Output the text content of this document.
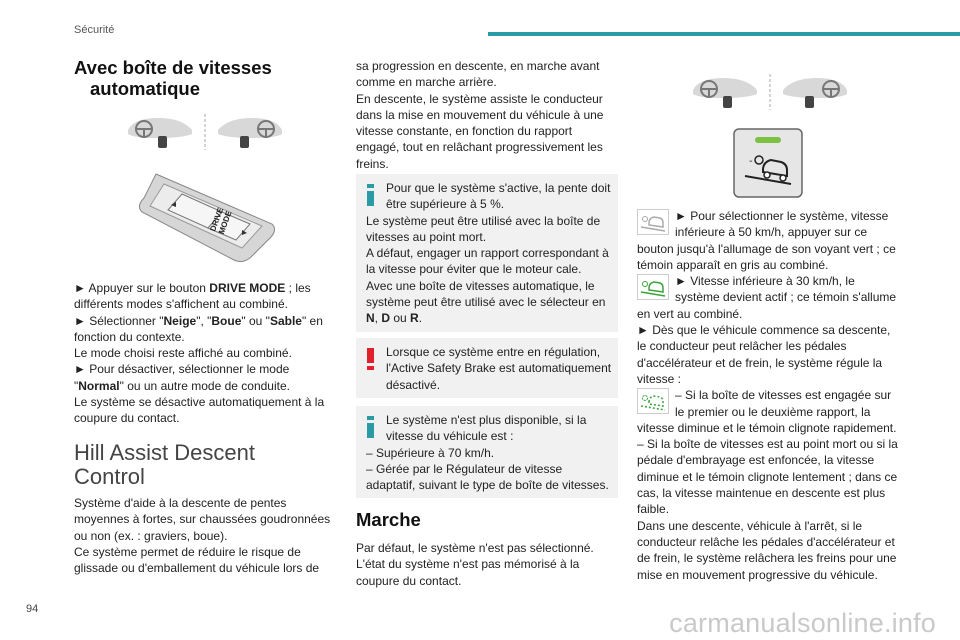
Sécurité
94	carmanualsonline.info
Avec boîte de vitesses
automatique
DRIVE MODE
► Appuyer sur le bouton DRIVE MODE ; les différents modes s'affichent au combiné.
► Sélectionner "Neige", "Boue" ou "Sable" en fonction du contexte.
Le mode choisi reste affiché au combiné.
► Pour désactiver, sélectionner le mode "Normal" ou un autre mode de conduite.
Le système se désactive automatiquement à la coupure du contact.
Hill Assist Descent
Control
Système d'aide à la descente de pentes moyennes à fortes, sur chaussées goudronnées ou non (ex. : graviers, boue).
Ce système permet de réduire le risque de glissade ou d'emballement du véhicule lors de
sa progression en descente, en marche avant comme en marche arrière.
En descente, le système assiste le conducteur dans la mise en mouvement du véhicule à une vitesse constante, en fonction du rapport engagé, tout en relâchant progressivement les freins.
Pour que le système s'active, la pente doit être supérieure à 5 %.
Le système peut être utilisé avec la boîte de vitesses au point mort.
A défaut, engager un rapport correspondant à la vitesse pour éviter que le moteur cale.
Avec une boîte de vitesses automatique, le système peut être utilisé avec le sélecteur en N, D ou R.
Lorsque ce système entre en régulation, l'Active Safety Brake est automatiquement désactivé.
Le système n'est plus disponible, si la vitesse du véhicule est :
– Supérieure à 70 km/h.
– Gérée par le Régulateur de vitesse adaptatif, suivant le type de boîte de vitesses.
Marche
Par défaut, le système n'est pas sélectionné.
L'état du système n'est pas mémorisé à la coupure du contact.
-
► Pour sélectionner le système, vitesse inférieure à 50 km/h, appuyer sur ce bouton jusqu'à l'allumage de son voyant vert ; ce témoin apparaît en gris au combiné.
► Vitesse inférieure à 30 km/h, le système devient actif ; ce témoin s'allume en vert au combiné.
► Dès que le véhicule commence sa descente, le conducteur peut relâcher les pédales d'accélérateur et de frein, le système régule la vitesse :
– Si la boîte de vitesses est engagée sur le premier ou le deuxième rapport, la vitesse diminue et le témoin clignote rapidement.
– Si la boîte de vitesses est au point mort ou si la pédale d'embrayage est enfoncée, la vitesse diminue et le témoin clignote lentement ; dans ce cas, la vitesse maintenue en descente est plus faible.
Dans une descente, véhicule à l'arrêt, si le conducteur relâche les pédales d'accélérateur et de frein, le système relâchera les freins pour une mise en mouvement progressive du véhicule.
